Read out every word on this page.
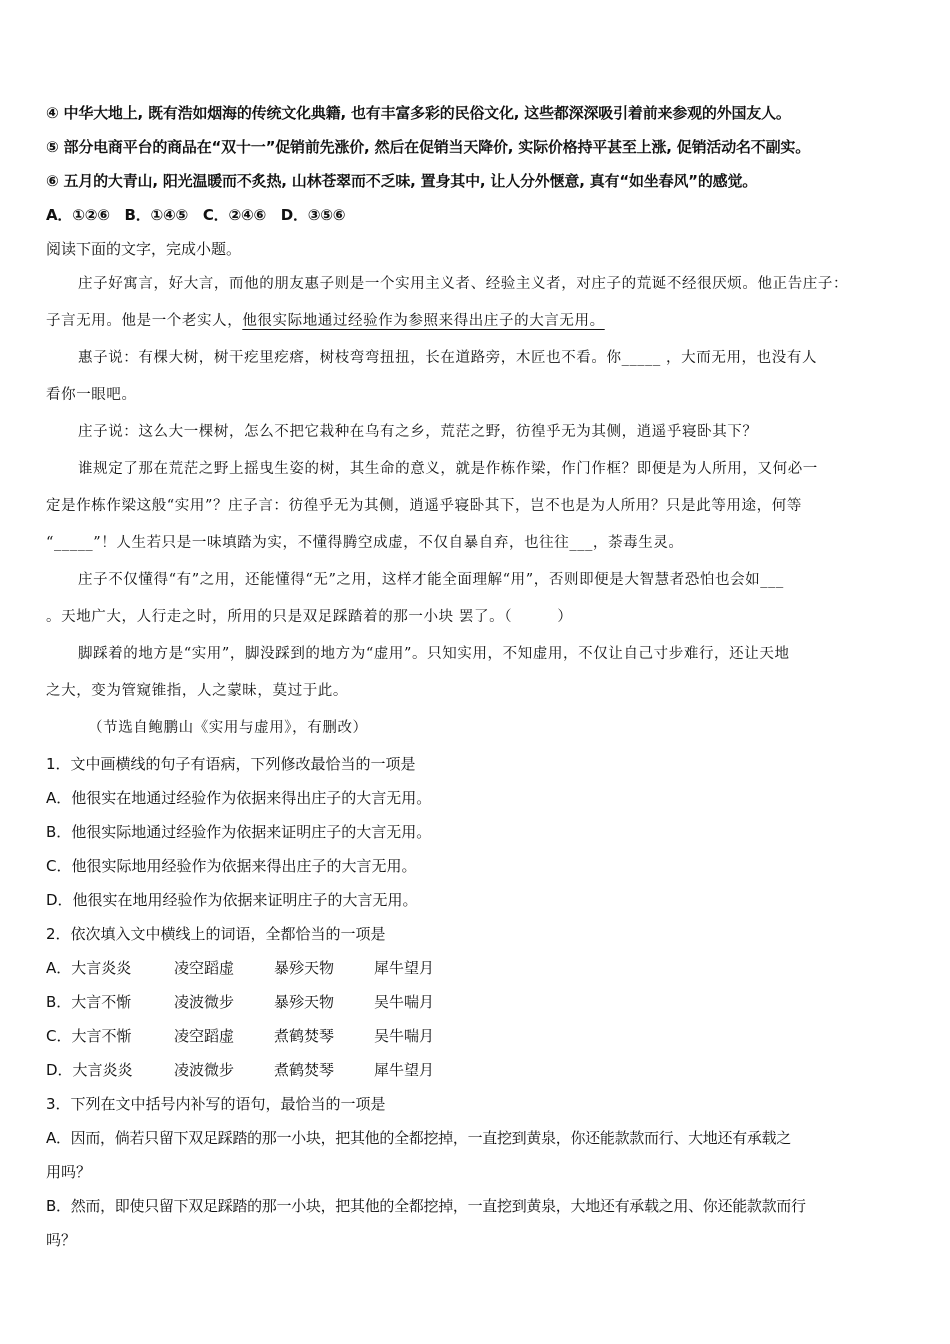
④ 中华大地上, 既有浩如烟海的传统文化典籍, 也有丰富多彩的民俗文化, 这些都深深吸引着前来参观的外国友人。
⑤ 部分电商平台的商品在“双十一”促销前先涨价, 然后在促销当天降价, 实际价格持平甚至上涨, 促销活动名不副实。
⑥ 五月的大青山, 阳光温暖而不炙热, 山林苍翠而不乏味, 置身其中, 让人分外惬意, 真有“如坐春风”的感觉。
A．①②⑥　B．①④⑤　C．②④⑥　D．③⑤⑥
阅读下面的文字，完成小题。
庄子好寓言，好大言，而他的朋友惠子则是一个实用主义者、经验主义者，对庄子的荒诞不经很厌烦。他正告庄子：
子言无用。他是一个老实人，他很实际地通过经验作为参照来得出庄子的大言无用。
惠子说：有棵大树，树干疙里疙瘩，树枝弯弯扭扭，长在道路旁，木匠也不看。你_____ ，大而无用，也没有人
看你一眼吧。
庄子说：这么大一棵树，怎么不把它栽种在乌有之乡，荒茫之野，彷徨乎无为其侧，逍遥乎寝卧其下？
谁规定了那在荒茫之野上摇曳生姿的树，其生命的意义，就是作栋作梁，作门作框？即便是为人所用，又何必一
定是作栋作梁这般“实用”？庄子言：彷徨乎无为其侧，逍遥乎寝卧其下，岂不也是为人所用？只是此等用途，何等
“_____”！人生若只是一味填踏为实，不懂得腾空成虚，不仅自暴自弃，也往往___，荼毒生灵。
庄子不仅懂得“有”之用，还能懂得“无”之用，这样才能全面理解“用”，否则即便是大智慧者恐怕也会如___
。天地广大，人行走之时，所用的只是双足踩踏着的那一小块 罢了。（　　　）
脚踩着的地方是“实用”，脚没踩到的地方为“虚用”。只知实用，不知虚用，不仅让自己寸步难行，还让天地
之大，变为管窥锥指，人之蒙昧，莫过于此。
（节选自鲍鹏山《实用与虚用》，有删改）
1．文中画横线的句子有语病，下列修改最恰当的一项是
A．他很实在地通过经验作为依据来得出庄子的大言无用。
B．他很实际地通过经验作为依据来证明庄子的大言无用。
C．他很实际地用经验作为依据来得出庄子的大言无用。
D．他很实在地用经验作为依据来证明庄子的大言无用。
2．依次填入文中横线上的词语，全都恰当的一项是
A．大言炎炎	凌空蹈虚	暴殄天物	犀牛望月
B．大言不惭	凌波微步	暴殄天物	吴牛喘月
C．大言不惭	凌空蹈虚	煮鹤焚琴	吴牛喘月
D．大言炎炎	凌波微步	煮鹤焚琴	犀牛望月
3．下列在文中括号内补写的语句，最恰当的一项是
A．因而，倘若只留下双足踩踏的那一小块，把其他的全都挖掉，一直挖到黄泉，你还能款款而行、大地还有承载之
用吗？
B．然而，即使只留下双足踩踏的那一小块，把其他的全都挖掉，一直挖到黄泉，大地还有承载之用、你还能款款而行
吗？
